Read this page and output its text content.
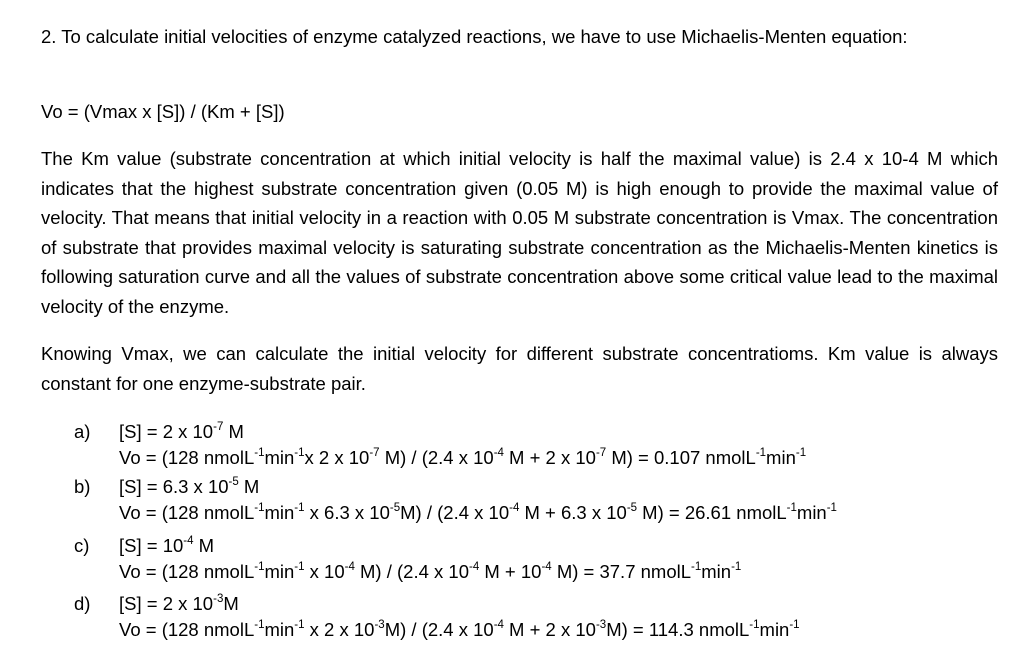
2. To calculate initial velocities of enzyme catalyzed reactions, we have to use Michaelis-Menten equation:

Vo = (Vmax x [S]) / (Km + [S])

The Km value (substrate concentration at which initial velocity is half the maximal value) is 2.4 x 10-4 M which indicates that the highest substrate concentration given (0.05 M) is high enough to provide the maximal value of velocity. That means that initial velocity in a reaction with 0.05 M substrate concentration is Vmax. The concentration of substrate that provides maximal velocity is saturating substrate concentration as the Michaelis-Menten kinetics is following saturation curve and all the values of substrate concentration above some critical value lead to the maximal velocity of the enzyme.

Knowing Vmax, we can calculate the initial velocity for different substrate concentratioms. Km value is always constant for one enzyme-substrate pair.

a)	[S] = 2 x $10^{-7}$ M
Vo = (128 $nmolL^{-1}\min^{-1}x$ 2 x $10^{-7}$ M) / (2.4 x $10^{-4}$ M + 2 x $10^{-7}$ M) = 0.107 $nmolL^{-1}\min^{-1}$
b)	[S] = 6.3 x $10^{-5}$ M
Vo = (128 $nmolL^{-1}\min^{-1}$ x 6.3 x $10^{-5}M) / (2.4$ x $10^{-4}$ M + 6.3 x $10^{-5}$ M) = 26.61 $nmolL^{-1}\min^{-1}$
c)	$[S] = 10^{-4}$ M
Vo = (128 $nmolL^{-1}\min^{-1}$ x $10^{-4}$ M) / (2.4 x $10^{-4}$ $M + 10^{-4}$ M) = 37.7 $nmolL^{-1}\min^{-1}$
d)	[S] = 2 x $10^{-3}M$
Vo = (128 $nmolL^{-1}\min^{-1}$ x 2 x $10^{-3}M) / (2.4$ x $10^{-4}$ M + 2 x $10^{-3}M) = 114.3$ $nmolL^{-1}\min^{-1}$
